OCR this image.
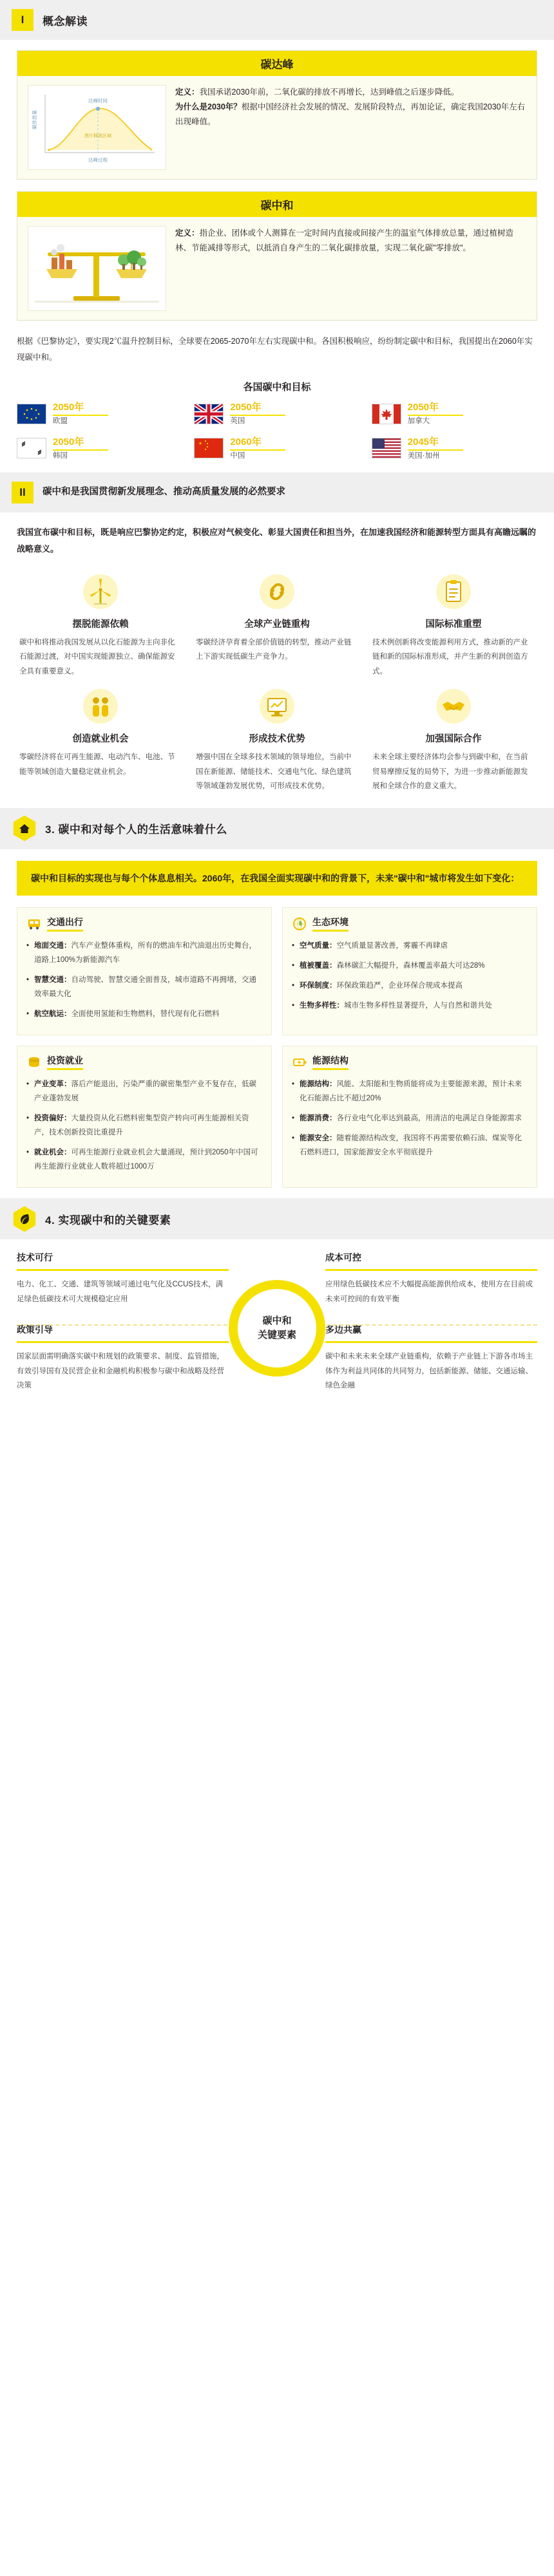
I	概念解读
碳达峰
达峰时间
碳排放量
达峰过程
图片释放区域
定义：我国承诺2030年前，二氧化碳的排放不再增长，达到峰值之后逐步降低。
为什么是2030年？根据中国经济社会发展的情况、发展阶段特点，再加论证，确定我国2030年左右出现峰值。
碳中和
定义：指企业、团体或个人测算在一定时间内直接或间接产生的温室气体排放总量，通过植树造林、节能减排等形式，以抵消自身产生的二氧化碳排放量，实现二氧化碳"零排放"。
根据《巴黎协定》，要实现2℃温升控制目标，全球要在2065-2070年左右实现碳中和。各国积极响应，纷纷制定碳中和目标，我国提出在2060年实现碳中和。
各国碳中和目标
2050年
欧盟
2050年
英国
2050年
加拿大
2050年
韩国
2060年
中国
2045年
美国·加州
II	碳中和是我国贯彻新发展理念、推动高质量发展的必然要求
我国宣布碳中和目标，既是响应巴黎协定约定，积极应对气候变化、彰显大国责任和担当外，在加速我国经济和能源转型方面具有高瞻远瞩的战略意义。
摆脱能源依赖
碳中和将推动我国发展从以化石能源为主向非化石能源过渡，对中国实现能源独立、确保能源安全具有重要意义。
全球产业链重构
零碳经济孕育着全部价值链的转型，推动产业链上下游实现低碳生产竞争力。
国际标准重塑
技术例创新将改变能源利用方式，推动新的产业链和新的国际标准形成，并产生新的利润创造方式。
创造就业机会
零碳经济将在可再生能源、电动汽车、电池、节能等领域创造大量稳定就业机会。
形成技术优势
增强中国在全球多技术领域的领导地位，当前中国在新能源、储能技术、交通电气化、绿色建筑等领域蓬勃发展优势，可形成技术优势。
加强国际合作
未来全球主要经济体均会参与到碳中和，在当前贸易摩擦反复的局势下，为进一步推动新能源发展和全球合作的意义重大。
3. 碳中和对每个人的生活意味着什么
碳中和目标的实现也与每个个体息息相关。2060年，在我国全面实现碳中和的背景下，未来"碳中和"城市将发生如下变化：
交通出行
• 地面交通：汽车产业整体重构，所有的燃油车和汽油退出历史舞台，道路上100%为新能源汽车
• 智慧交通：自动驾驶、智慧交通全面普及，城市道路不再拥堵，交通效率最大化
• 航空航运：全面使用氢能和生物燃料，替代现有化石燃料
生态环境
• 空气质量：空气质量显著改善，雾霾不再肆虐
• 植被覆盖：森林碳汇大幅提升，森林覆盖率最大可达28%
• 环保制度：环保政策趋严，企业环保合规成本提高
• 生物多样性：城市生物多样性显著提升，人与自然和谐共处
投资就业
• 产业变革：落后产能退出，污染严重的碳密集型产业不复存在，低碳产业蓬勃发展
• 投资偏好：大量投资从化石燃料密集型资产转向可再生能源相关资产，技术创新投资比重提升
• 就业机会：可再生能源行业就业机会大量涌现，预计到2050年中国可再生能源行业就业人数将超过1000万
能源结构
• 能源结构：风能、太阳能和生物质能将成为主要能源来源，预计未来化石能源占比不超过20%
• 能源消费：各行业电气化率达到最高，用清洁的电满足自身能源需求
• 能源安全：随着能源结构改变，我国将不再需要依赖石油、煤炭等化石燃料进口，国家能源安全水平彻底提升
4. 实现碳中和的关键要素
碳中和
关键要素
技术可行

电力、化工、交通、建筑等领域可通过电气化及CCUS技术，满足绿色低碳技术可大规模稳定应用

成本可控

应用绿色低碳技术应不大幅提高能源供给成本，使用方在目前或未来可控间的有效平衡

政策引导

国家层面需明确落实碳中和规划的政策要求、制度、监管措施，有效引导国有及民营企业和金融机构积极参与碳中和战略及经营决策

多边共赢

碳中和未来未来全球产业链重构，依赖于产业链上下游各市场主体作为利益共同体的共同努力，包括新能源、储能、交通运输、绿色金融
